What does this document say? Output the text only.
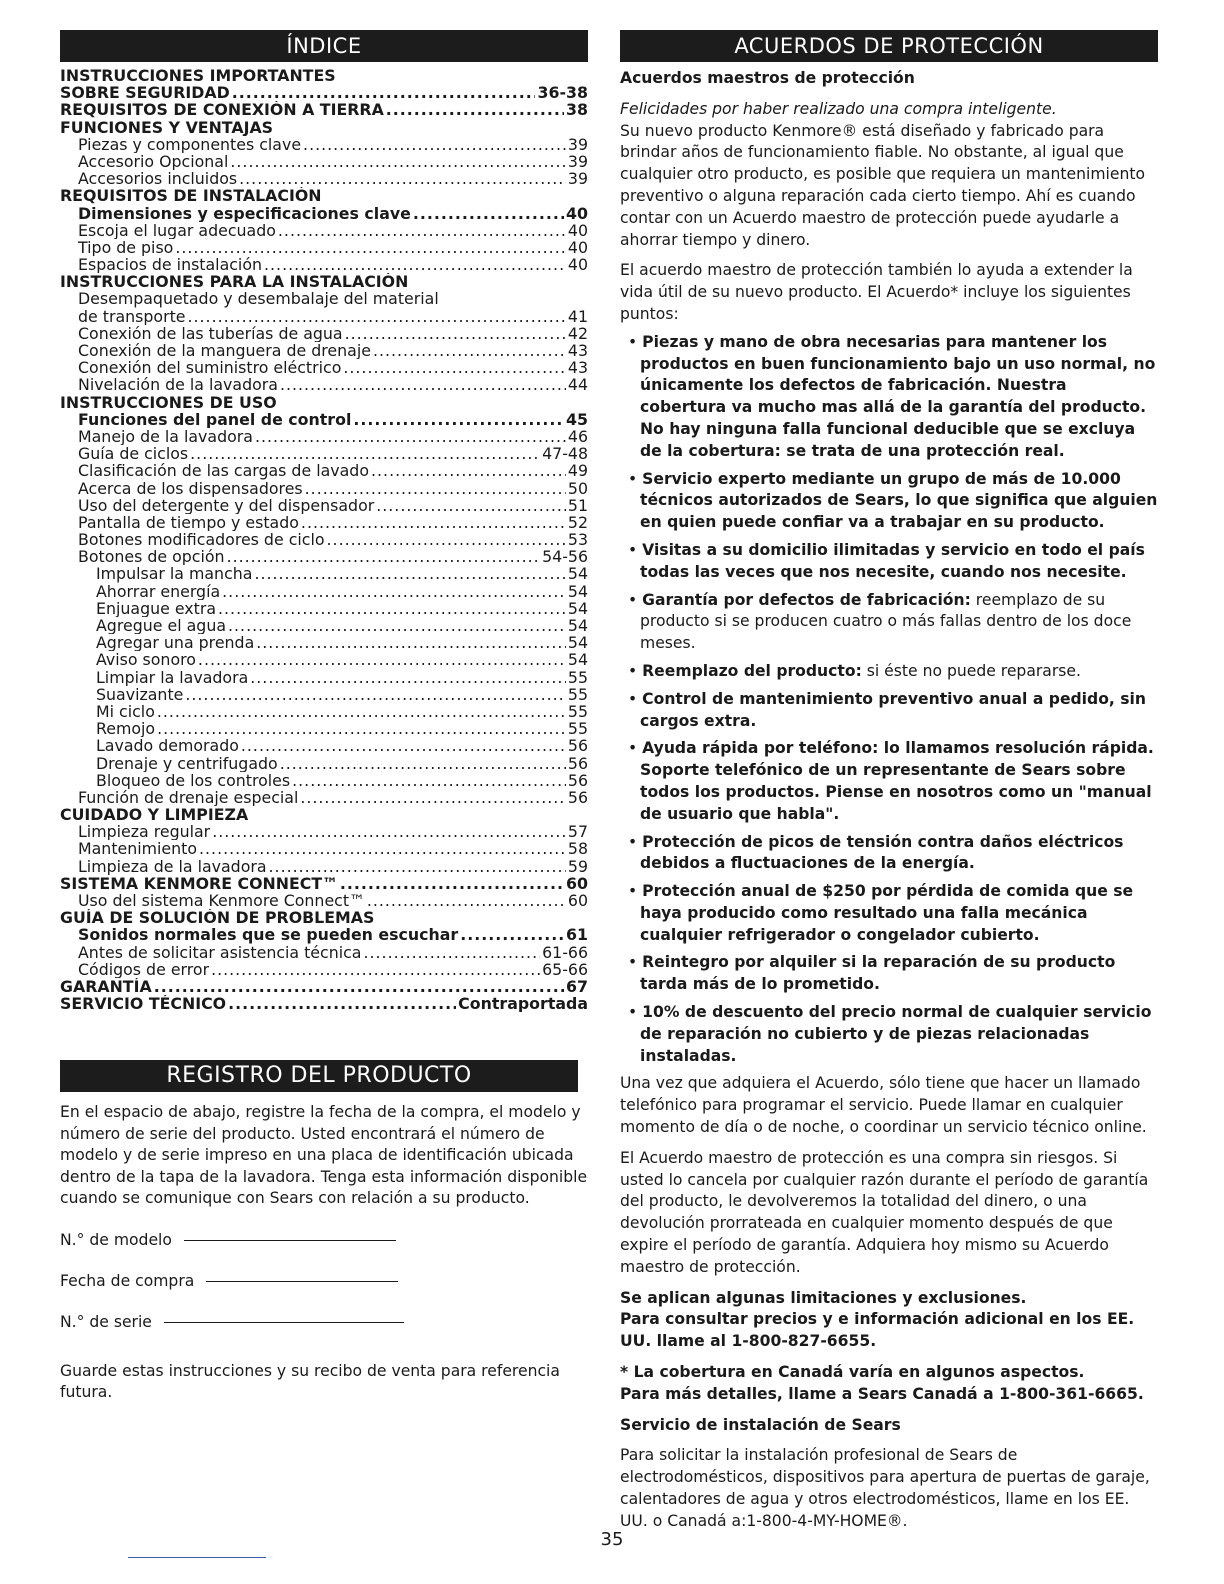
ÍNDICE
INSTRUCCIONES IMPORTANTES
SOBRE SEGURIDAD .....	36-38
REQUISITOS DE CONEXIÓN A TIERRA .....	38
FUNCIONES Y VENTAJAS
Piezas y componentes clave .....	39
Accesorio Opcional .....	39
Accesorios incluidos .....	39
REQUISITOS DE INSTALACIÓN
Dimensiones y especificaciones clave .....	40
Escoja el lugar adecuado .....	40
Tipo de piso .....	40
Espacios de instalación .....	40
INSTRUCCIONES PARA LA INSTALACIÓN
Desempaquetado y desembalaje del material
de transporte .....	41
Conexión de las tuberías de agua .....	42
Conexión de la manguera de drenaje .....	43
Conexión del suministro eléctrico .....	43
Nivelación de la lavadora .....	44
INSTRUCCIONES DE USO
Funciones del panel de control .....	45
Manejo de la lavadora .....	46
Guía de ciclos .....	47-48
Clasificación de las cargas de lavado .....	49
Acerca de los dispensadores .....	50
Uso del detergente y del dispensador .....	51
Pantalla de tiempo y estado .....	52
Botones modificadores de ciclo .....	53
Botones de opción .....	54-56
Impulsar la mancha .....	54
Ahorrar energía .....	54
Enjuague extra .....	54
Agregue el agua .....	54
Agregar una prenda .....	54
Aviso sonoro .....	54
Limpiar la lavadora .....	55
Suavizante .....	55
Mi ciclo .....	55
Remojo .....	55
Lavado demorado .....	56
Drenaje y centrifugado .....	56
Bloqueo de los controles .....	56
Función de drenaje especial .....	56
CUIDADO Y LIMPIEZA
Limpieza regular .....	57
Mantenimiento .....	58
Limpieza de la lavadora .....	59
SISTEMA KENMORE CONNECT™ .....	60
Uso del sistema Kenmore Connect™ .....	60
GUÍA DE SOLUCIÓN DE PROBLEMAS
Sonidos normales que se pueden escuchar .....	61
Antes de solicitar asistencia técnica .....	61-66
Códigos de error .....	65-66
GARANTÍA .....	67
SERVICIO TÉCNICO .....	Contraportada
REGISTRO DEL PRODUCTO
En el espacio de abajo, registre la fecha de la compra, el modelo y número de serie del producto. Usted encontrará el número de modelo y de serie impreso en una placa de identificación ubicada dentro de la tapa de la lavadora. Tenga esta información disponible cuando se comunique con Sears con relación a su producto.
N.° de modelo
Fecha de compra
N.° de serie
Guarde estas instrucciones y su recibo de venta para referencia futura.
ACUERDOS DE PROTECCIÓN

Acuerdos maestros de protección

Felicidades por haber realizado una compra inteligente.

Su nuevo producto Kenmore® está diseñado y fabricado para brindar años de funcionamiento fiable. No obstante, al igual que cualquier otro producto, es posible que requiera un mantenimiento preventivo o alguna reparación cada cierto tiempo. Ahí es cuando contar con un Acuerdo maestro de protección puede ayudarle a ahorrar tiempo y dinero.

El acuerdo maestro de protección también lo ayuda a extender la vida útil de su nuevo producto. El Acuerdo* incluye los siguientes puntos:

• Piezas y mano de obra necesarias para mantener los productos en buen funcionamiento bajo un uso normal, no únicamente los defectos de fabricación. Nuestra cobertura va mucho mas allá de la garantía del producto. No hay ninguna falla funcional deducible que se excluya de la cobertura: se trata de una protección real.
• Servicio experto mediante un grupo de más de 10.000 técnicos autorizados de Sears, lo que significa que alguien en quien puede confiar va a trabajar en su producto.
• Visitas a su domicilio ilimitadas y servicio en todo el país todas las veces que nos necesite, cuando nos necesite.
• Garantía por defectos de fabricación: reemplazo de su producto si se producen cuatro o más fallas dentro de los doce meses.
• Reemplazo del producto: si éste no puede repararse.
• Control de mantenimiento preventivo anual a pedido, sin cargos extra.
• Ayuda rápida por teléfono: lo llamamos resolución rápida. Soporte telefónico de un representante de Sears sobre todos los productos. Piense en nosotros como un "manual de usuario que habla".
• Protección de picos de tensión contra daños eléctricos debidos a fluctuaciones de la energía.
• Protección anual de $250 por pérdida de comida que se haya producido como resultado una falla mecánica cualquier refrigerador o congelador cubierto.
• Reintegro por alquiler si la reparación de su producto tarda más de lo prometido.
• 10% de descuento del precio normal de cualquier servicio de reparación no cubierto y de piezas relacionadas instaladas.

Una vez que adquiera el Acuerdo, sólo tiene que hacer un llamado telefónico para programar el servicio. Puede llamar en cualquier momento de día o de noche, o coordinar un servicio técnico online.

El Acuerdo maestro de protección es una compra sin riesgos. Si usted lo cancela por cualquier razón durante el período de garantía del producto, le devolveremos la totalidad del dinero, o una devolución prorrateada en cualquier momento después de que expire el período de garantía. Adquiera hoy mismo su Acuerdo maestro de protección.

Se aplican algunas limitaciones y exclusiones.

Para consultar precios y e información adicional en los EE. UU. llame al 1-800-827-6655.

* La cobertura en Canadá varía en algunos aspectos.

Para más detalles, llame a Sears Canadá a 1-800-361-6665.

Servicio de instalación de Sears

Para solicitar la instalación profesional de Sears de electrodomésticos, dispositivos para apertura de puertas de garaje, calentadores de agua y otros electrodomésticos, llame en los EE. UU. o Canadá a:1-800-4-MY-HOME®.

35
